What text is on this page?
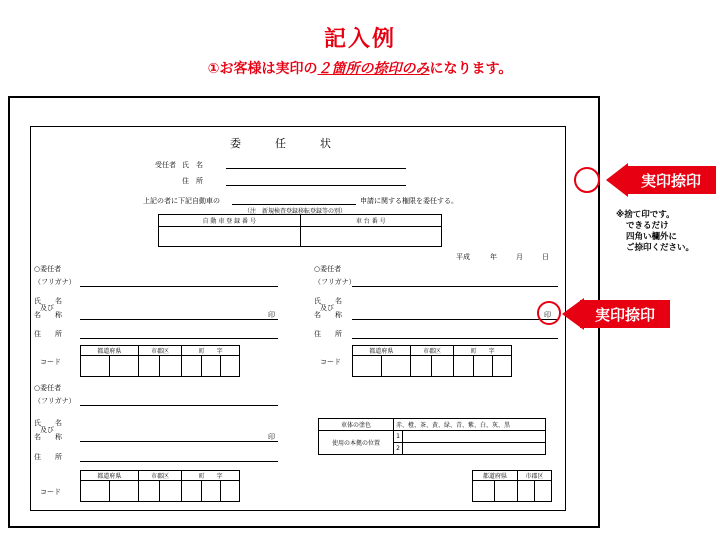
記入例
①お客様は実印の２箇所の捺印のみになります。
委任状
受任者 氏　名
住　所
上記の者に下記自動車の	申請に関する権限を委任する。
（注　新規検査登録移転登録等の別）
自 動 車 登 録 番 号	車 台 番 号

平成	年	月	日
○委任者
（フリガナ）
氏　　名
及び
名　　称	印
住　　所
コード
都道府県		市郡区		町　　字		

○委任者
（フリガナ）
氏　　名
及び
名　　称	印
住　　所
コード
都道府県		市郡区		町　　字		

○委任者
（フリガナ）
氏　　名
及び
名　　称	印
住　　所
コード
都道府県		市郡区		町　　字		

車体の塗色	赤、橙、茶、黄、緑、青、紫、白、灰、黒	
使用の本拠の位置	1	
	2	
都道府県		市郡区	

実印捺印
※捨て印です。
できるだけ
四角い欄外に
ご捺印ください。
実印捺印
